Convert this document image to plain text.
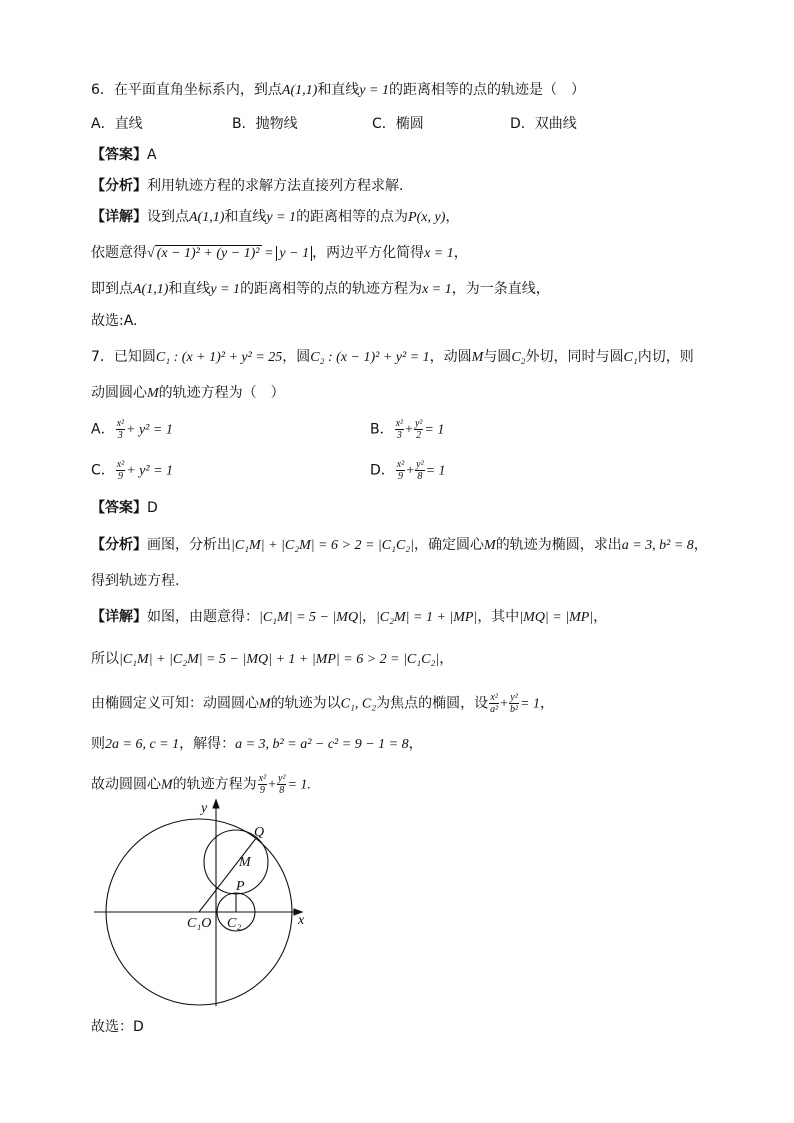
6．在平面直角坐标系内，到点A(1,1)和直线y = 1的距离相等的点的轨迹是（　）
A．直线	B．抛物线	C．椭圆	D．双曲线
【答案】A
【分析】利用轨迹方程的求解方法直接列方程求解.
【详解】设到点A(1,1)和直线y = 1的距离相等的点为P(x, y)，
依题意得√ (x − 1)² + (y − 1)² = y − 1 ，两边平方化简得x = 1，
即到点A(1,1)和直线y = 1的距离相等的点的轨迹方程为x = 1，为一条直线，
故选:A.
7．已知圆C₁ : (x + 1)² + y² = 25，圆C₂ : (x − 1)² + y² = 1，动圆M与圆C₂外切，同时与圆C₁内切，则
动圆圆心M的轨迹方程为（　）
A． $\frac{\text{x²}}{3} + y^2 = 1$	B． $\frac{\text{x²}}{3} + \frac{\text{y²}}{2} = 1$
C． $\frac{\text{x²}}{9} + y^2 = 1$	D． $\frac{\text{x²}}{9} + \frac{\text{y²}}{8} = 1$
【答案】D
【分析】画图，分析出|C₁M| + |C₂M| = 6 > 2 = |C₁C₂|，确定圆心M的轨迹为椭圆，求出a = 3, b² = 8，
得到轨迹方程.
【详解】如图，由题意得：|C₁M| = 5 − |MQ|，|C₂M| = 1 + |MP|，其中|MQ| = |MP|，
所以|C₁M| + |C₂M| = 5 − |MQ| + 1 + |MP| = 6 > 2 = |C₁C₂|，
由椭圆定义可知：动圆圆心M的轨迹为以C₁, C₂为焦点的椭圆，设 $\frac{\text{x²}}{\text{a²}} + \frac{\text{y²}}{\text{b²}} = 1$，
则2a = 6, c = 1，解得：a = 3, b² = a² − c² = 9 − 1 = 8，
故动圆圆心M的轨迹方程为 $\frac{\text{x²}}{9} + \frac{\text{y²}}{8} = 1$.
y
x
Q
M
P
C₁O C₂
故选：D
